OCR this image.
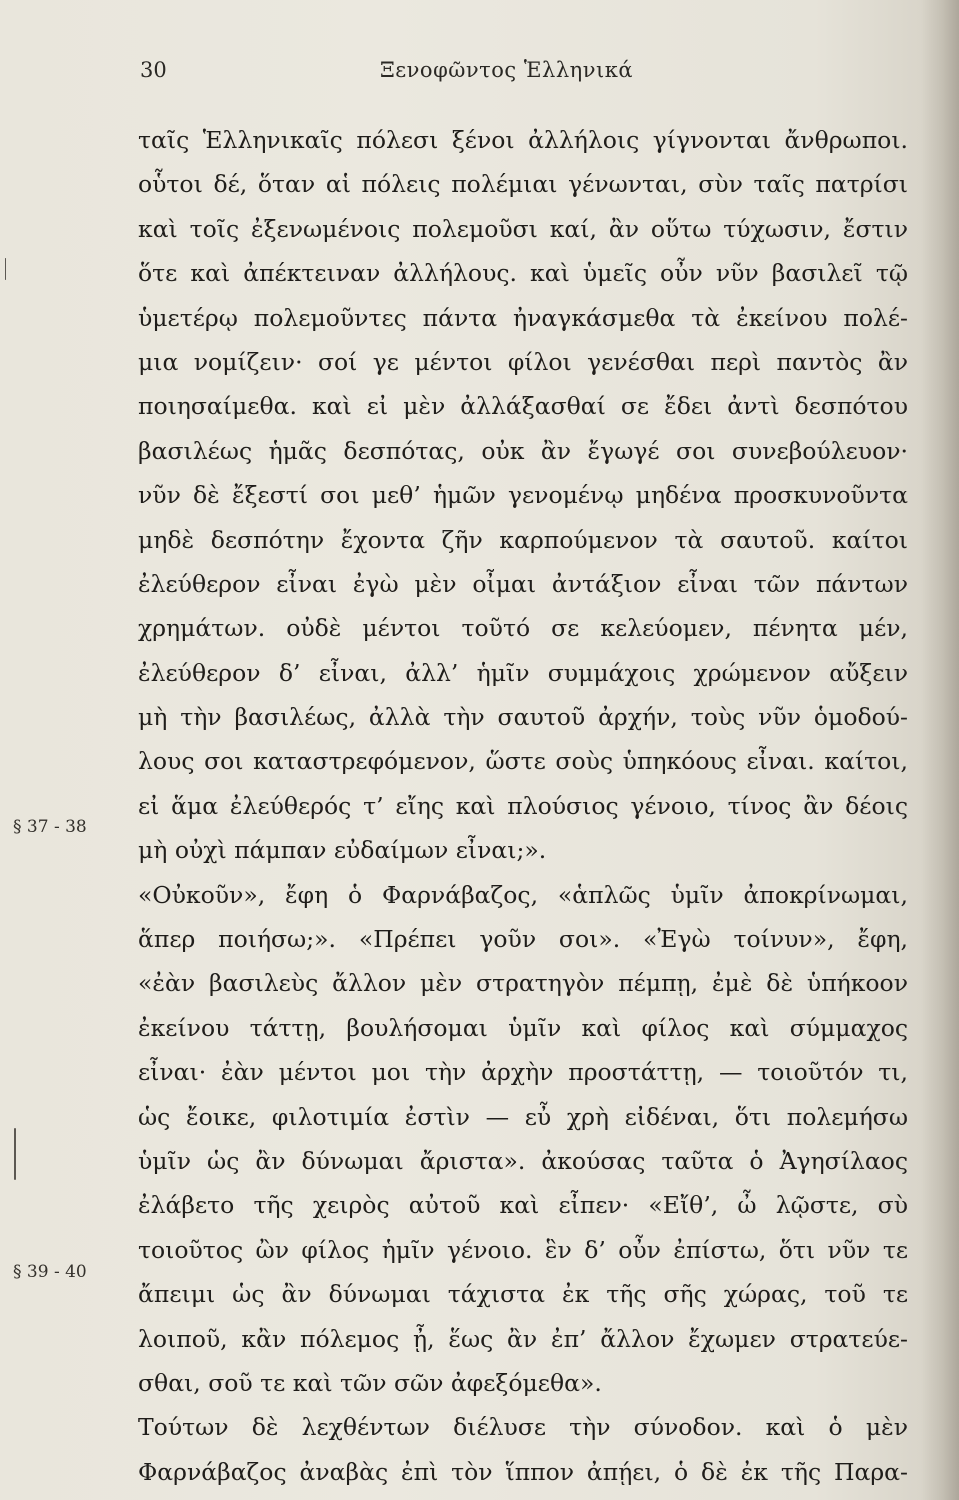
30	Ξενοφῶντος Ἑλληνικά
§ 37 - 38
§ 39 - 40
ταῖς Ἑλληνικαῖς πόλεσι ξένοι ἀλλήλοις γίγνονται ἄνθρωποι.
οὗτοι δέ, ὅταν αἱ πόλεις πολέμιαι γένωνται, σὺν ταῖς πατρίσι
καὶ τοῖς ἐξενωμένοις πολεμοῦσι καί, ἂν οὕτω τύχωσιν, ἔστιν
ὅτε καὶ ἀπέκτειναν ἀλλήλους. καὶ ὑμεῖς οὖν νῦν βασιλεῖ τῷ
ὑμετέρῳ πολεμοῦντες πάντα ἠναγκάσμεθα τὰ ἐκείνου πολέ-
μια νομίζειν· σοί γε μέντοι φίλοι γενέσθαι περὶ παντὸς ἂν
ποιησαίμεθα. καὶ εἰ μὲν ἀλλάξασθαί σε ἔδει ἀντὶ δεσπότου
βασιλέως ἡμᾶς δεσπότας, οὐκ ἂν ἔγωγέ σοι συνεβούλευον·
νῦν δὲ ἔξεστί σοι μεθ’ ἡμῶν γενομένῳ μηδένα προσκυνοῦντα
μηδὲ δεσπότην ἔχοντα ζῆν καρπούμενον τὰ σαυτοῦ. καίτοι
ἐλεύθερον εἶναι ἐγὼ μὲν οἶμαι ἀντάξιον εἶναι τῶν πάντων
χρημάτων. οὐδὲ μέντοι τοῦτό σε κελεύομεν, πένητα μέν,
ἐλεύθερον δ’ εἶναι, ἀλλ’ ἡμῖν συμμάχοις χρώμενον αὔξειν
μὴ τὴν βασιλέως, ἀλλὰ τὴν σαυτοῦ ἀρχήν, τοὺς νῦν ὁμοδού-
λους σοι καταστρεφόμενον, ὥστε σοὺς ὑπηκόους εἶναι. καίτοι,
εἰ ἅμα ἐλεύθερός τ’ εἴης καὶ πλούσιος γένοιο, τίνος ἂν δέοις
μὴ οὐχὶ πάμπαν εὐδαίμων εἶναι;».
«Οὐκοῦν», ἔφη ὁ Φαρνάβαζος, «ἁπλῶς ὑμῖν ἀποκρίνωμαι,
ἅπερ ποιήσω;». «Πρέπει γοῦν σοι». «Ἐγὼ τοίνυν», ἔφη,
«ἐὰν βασιλεὺς ἄλλον μὲν στρατηγὸν πέμπῃ, ἐμὲ δὲ ὑπήκοον
ἐκείνου τάττῃ, βουλήσομαι ὑμῖν καὶ φίλος καὶ σύμμαχος
εἶναι· ἐὰν μέντοι μοι τὴν ἀρχὴν προστάττῃ, — τοιοῦτόν τι,
ὡς ἔοικε, φιλοτιμία ἐστὶν — εὖ χρὴ εἰδέναι, ὅτι πολεμήσω
ὑμῖν ὡς ἂν δύνωμαι ἄριστα». ἀκούσας ταῦτα ὁ Ἀγησίλαος
ἐλάβετο τῆς χειρὸς αὐτοῦ καὶ εἶπεν· «Εἴθ’, ὦ λῷστε, σὺ
τοιοῦτος ὢν φίλος ἡμῖν γένοιο. ἓν δ’ οὖν ἐπίστω, ὅτι νῦν τε
ἄπειμι ὡς ἂν δύνωμαι τάχιστα ἐκ τῆς σῆς χώρας, τοῦ τε
λοιποῦ, κἂν πόλεμος ᾖ, ἕως ἂν ἐπ’ ἄλλον ἔχωμεν στρατεύε-
σθαι, σοῦ τε καὶ τῶν σῶν ἀφεξόμεθα».
Τούτων δὲ λεχθέντων διέλυσε τὴν σύνοδον. καὶ ὁ μὲν
Φαρνάβαζος ἀναβὰς ἐπὶ τὸν ἵππον ἀπῄει, ὁ δὲ ἐκ τῆς Παρα-
